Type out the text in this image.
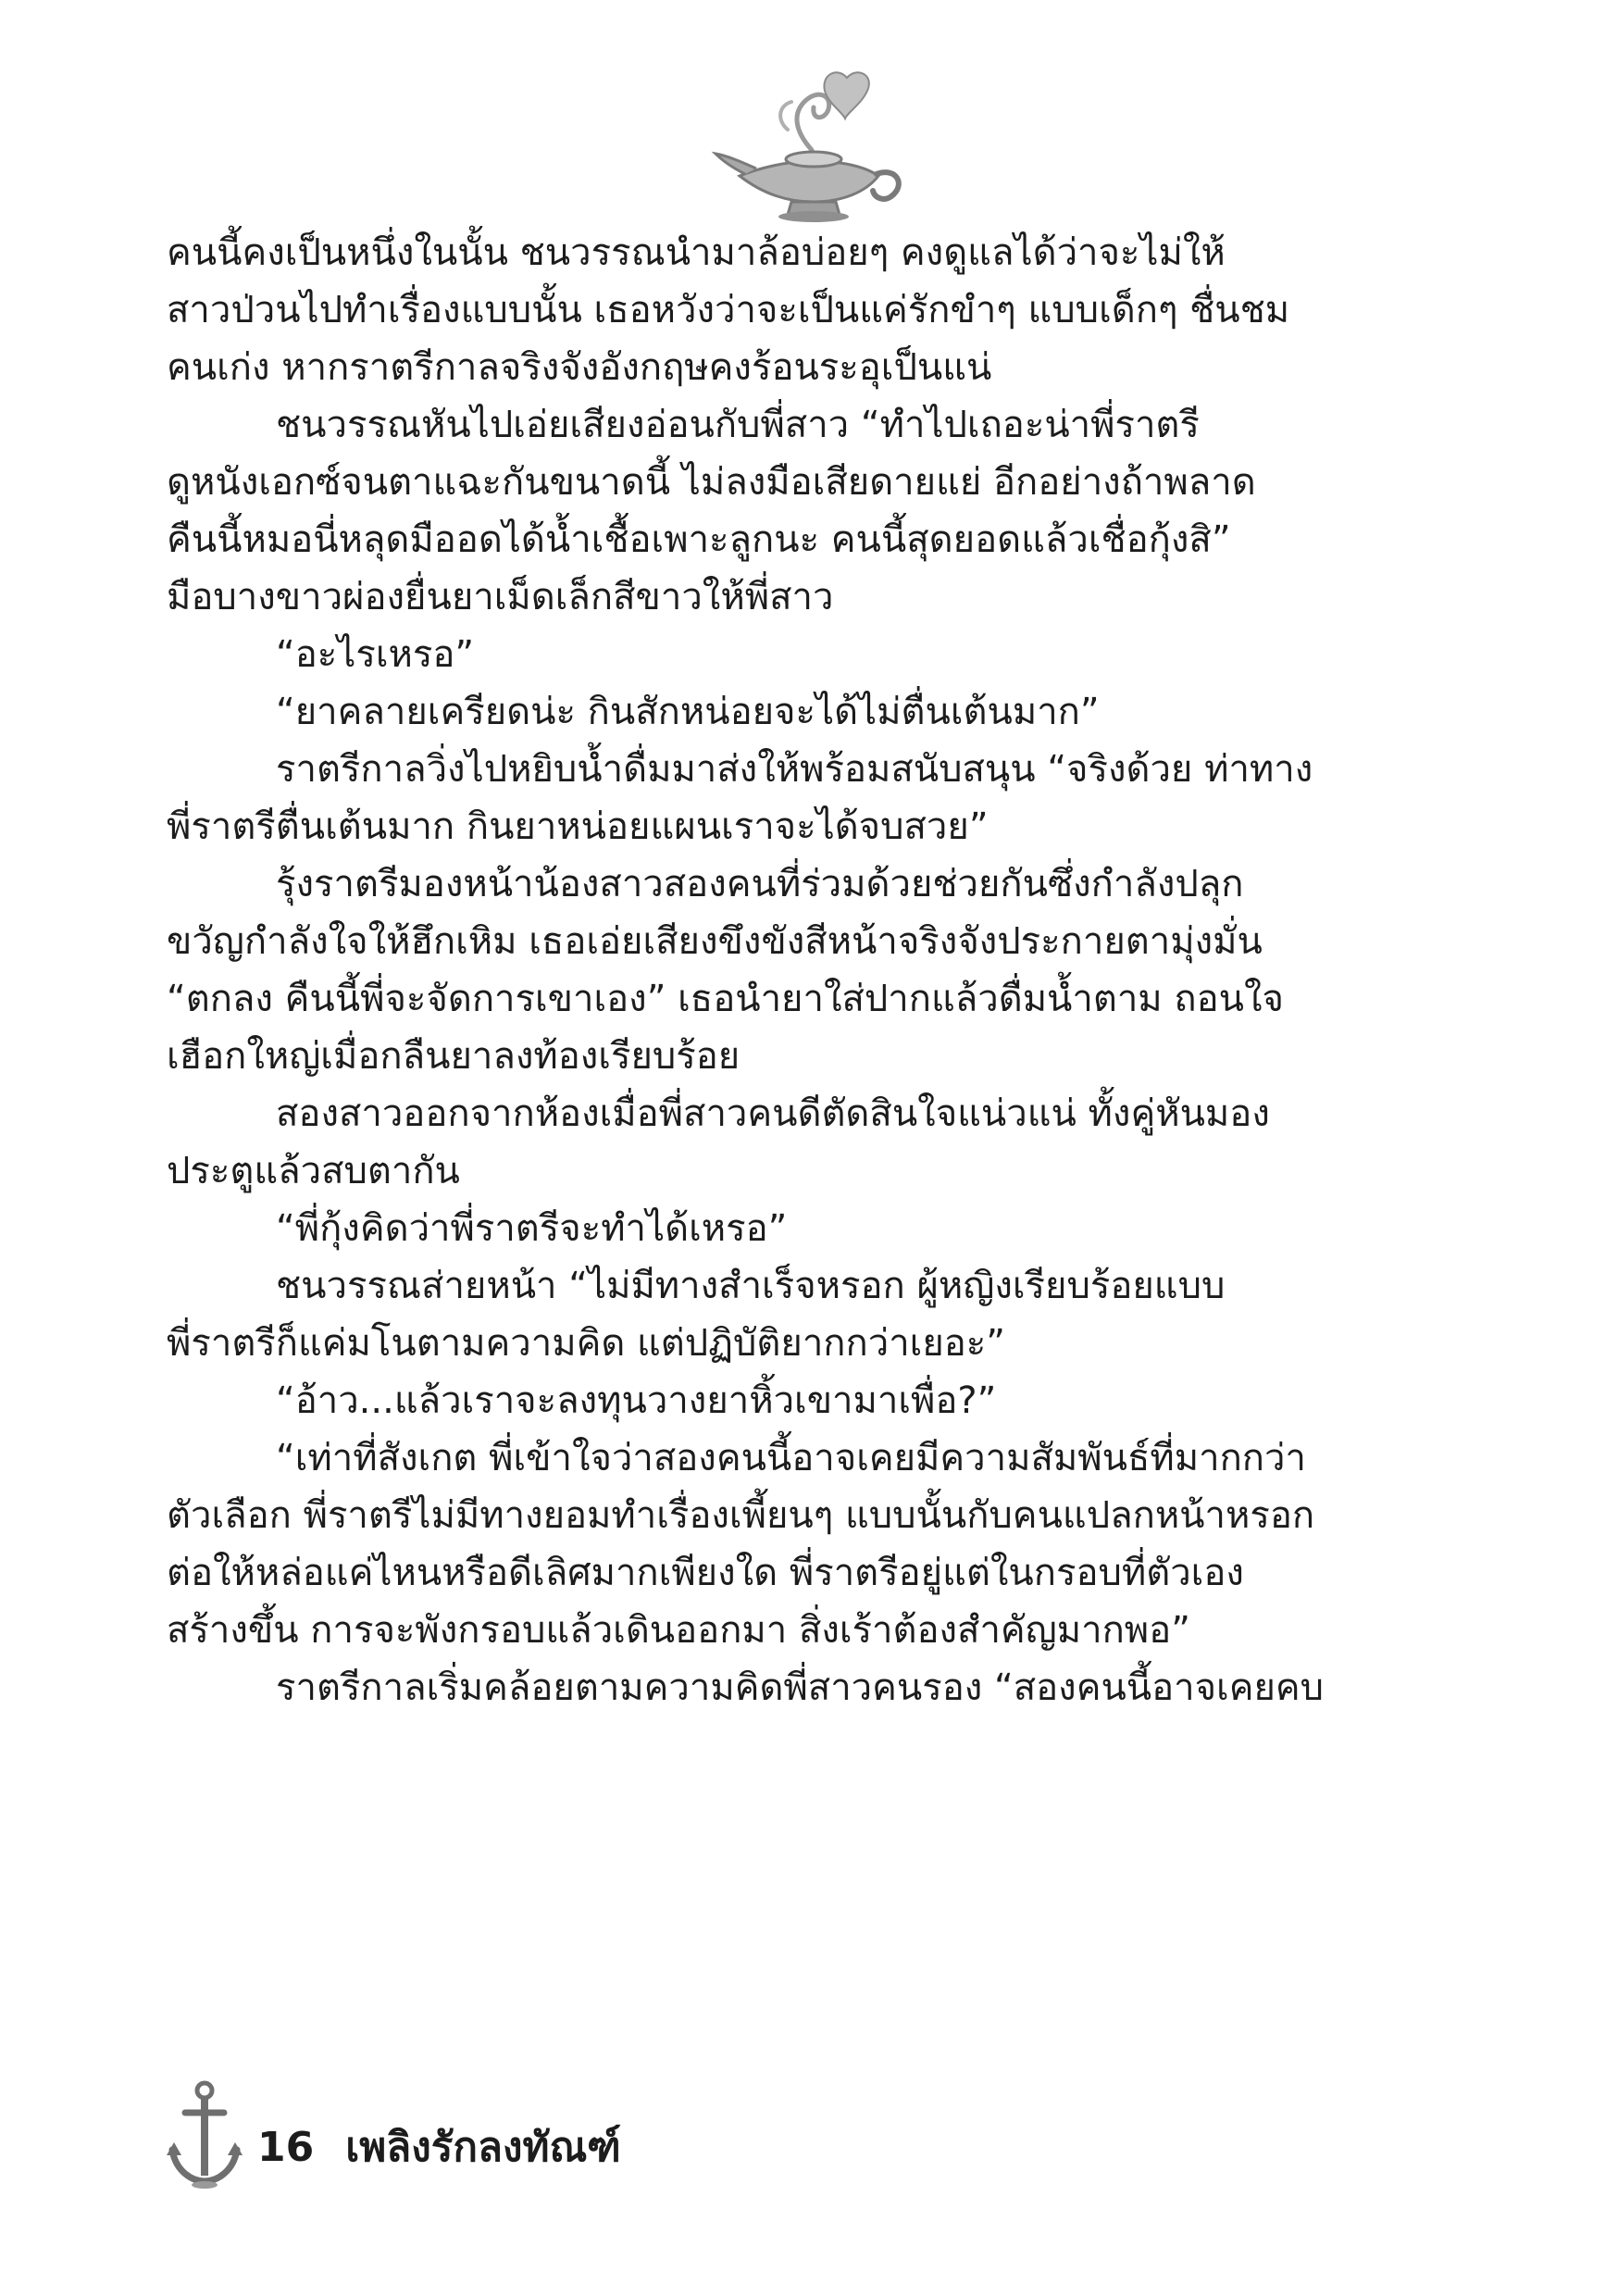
คนนี้คงเป็นหนึ่งในนั้น ชนวรรณนำมาล้อบ่อยๆ คงดูแลได้ว่าจะไม่ให้
สาวป่วนไปทำเรื่องแบบนั้น เธอหวังว่าจะเป็นแค่รักขำๆ แบบเด็กๆ ชื่นชม
คนเก่ง หากราตรีกาลจริงจังอังกฤษคงร้อนระอุเป็นแน่
ชนวรรณหันไปเอ่ยเสียงอ่อนกับพี่สาว “ทำไปเถอะน่าพี่ราตรี
ดูหนังเอกซ์จนตาแฉะกันขนาดนี้ ไม่ลงมือเสียดายแย่ อีกอย่างถ้าพลาด
คืนนี้หมอนี่หลุดมืออดได้น้ำเชื้อเพาะลูกนะ คนนี้สุดยอดแล้วเชื่อกุ้งสิ”
มือบางขาวผ่องยื่นยาเม็ดเล็กสีขาวให้พี่สาว
“อะไรเหรอ”
“ยาคลายเครียดน่ะ กินสักหน่อยจะได้ไม่ตื่นเต้นมาก”
ราตรีกาลวิ่งไปหยิบน้ำดื่มมาส่งให้พร้อมสนับสนุน “จริงด้วย ท่าทาง
พี่ราตรีตื่นเต้นมาก กินยาหน่อยแผนเราจะได้จบสวย”
รุ้งราตรีมองหน้าน้องสาวสองคนที่ร่วมด้วยช่วยกันซึ่งกำลังปลุก
ขวัญกำลังใจให้ฮึกเหิม เธอเอ่ยเสียงขึงขังสีหน้าจริงจังประกายตามุ่งมั่น
“ตกลง คืนนี้พี่จะจัดการเขาเอง” เธอนำยาใส่ปากแล้วดื่มน้ำตาม ถอนใจ
เฮือกใหญ่เมื่อกลืนยาลงท้องเรียบร้อย
สองสาวออกจากห้องเมื่อพี่สาวคนดีตัดสินใจแน่วแน่ ทั้งคู่หันมอง
ประตูแล้วสบตากัน
“พี่กุ้งคิดว่าพี่ราตรีจะทำได้เหรอ”
ชนวรรณส่ายหน้า “ไม่มีทางสำเร็จหรอก ผู้หญิงเรียบร้อยแบบ
พี่ราตรีก็แค่มโนตามความคิด แต่ปฏิบัติยากกว่าเยอะ”
“อ้าว...แล้วเราจะลงทุนวางยาหิ้วเขามาเพื่อ?”
“เท่าที่สังเกต พี่เข้าใจว่าสองคนนี้อาจเคยมีความสัมพันธ์ที่มากกว่า
ตัวเลือก พี่ราตรีไม่มีทางยอมทำเรื่องเพี้ยนๆ แบบนั้นกับคนแปลกหน้าหรอก
ต่อให้หล่อแค่ไหนหรือดีเลิศมากเพียงใด พี่ราตรีอยู่แต่ในกรอบที่ตัวเอง
สร้างขึ้น การจะพังกรอบแล้วเดินออกมา สิ่งเร้าต้องสำคัญมากพอ”
ราตรีกาลเริ่มคล้อยตามความคิดพี่สาวคนรอง “สองคนนี้อาจเคยคบ
16 เพลิงรักลงทัณฑ์
